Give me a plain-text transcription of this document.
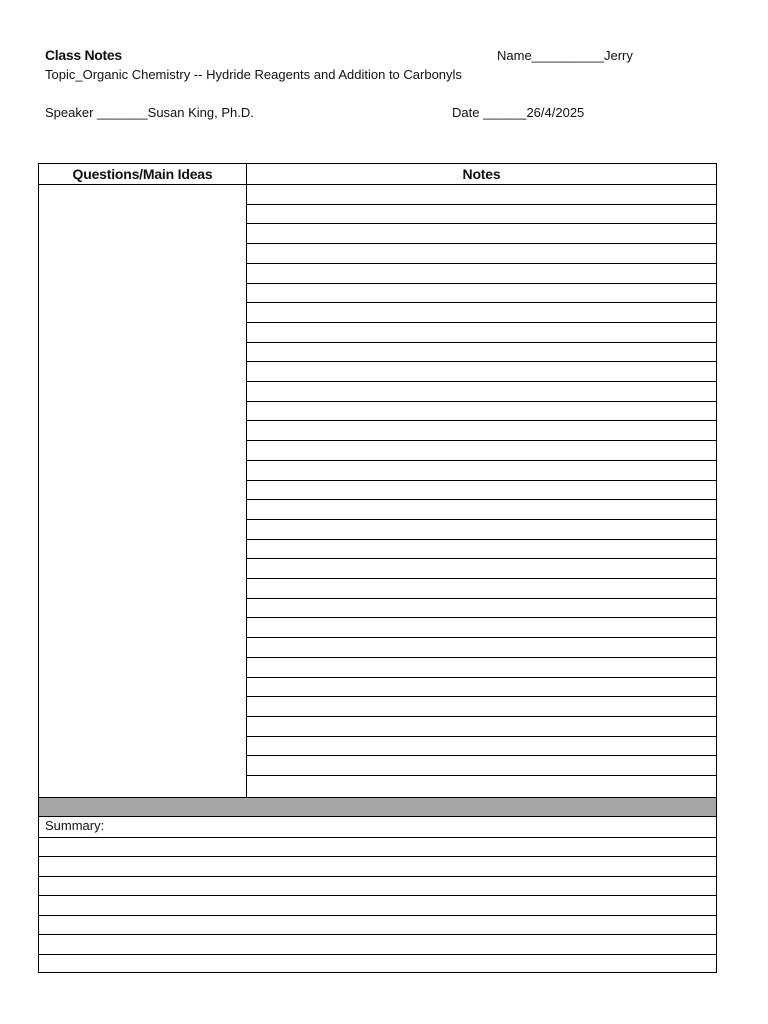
Class Notes	Name__________Jerry
Topic_Organic Chemistry -- Hydride Reagents and Addition to Carbonyls
Speaker _______Susan King, Ph.D.	Date ______26/4/2025
Questions/Main Ideas	Notes
Summary:
